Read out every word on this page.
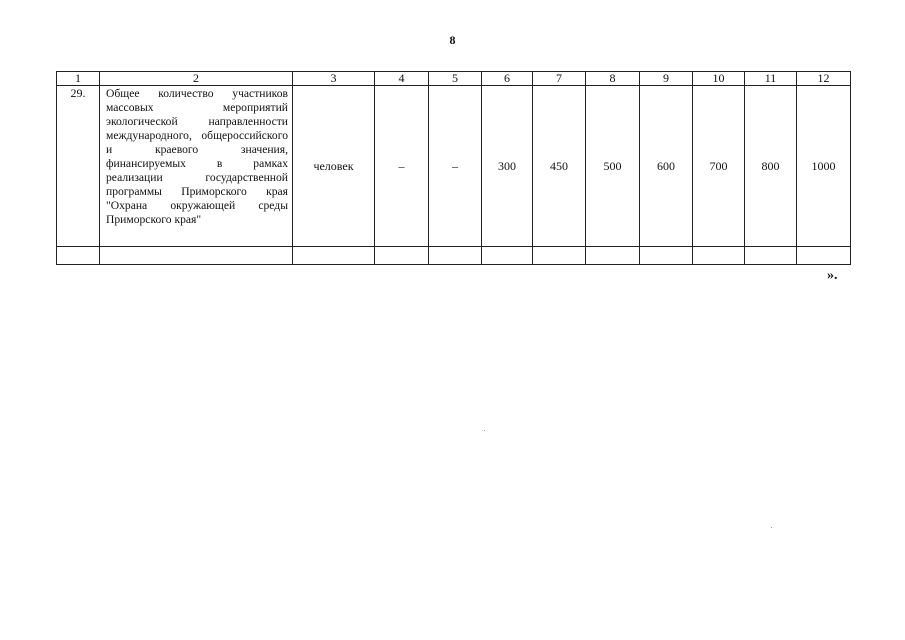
8
1	2	3	4	5	6	7	8	9	10	11	12
29.	Общее количество участников массовых мероприятий экологической направленности международного, общероссийского и краевого значения, финансируемых в рамках реализации государственной программы Приморского края "Охрана окружающей среды Приморского края"	человек	–	–	300	450	500	600	700	800	1000

».
